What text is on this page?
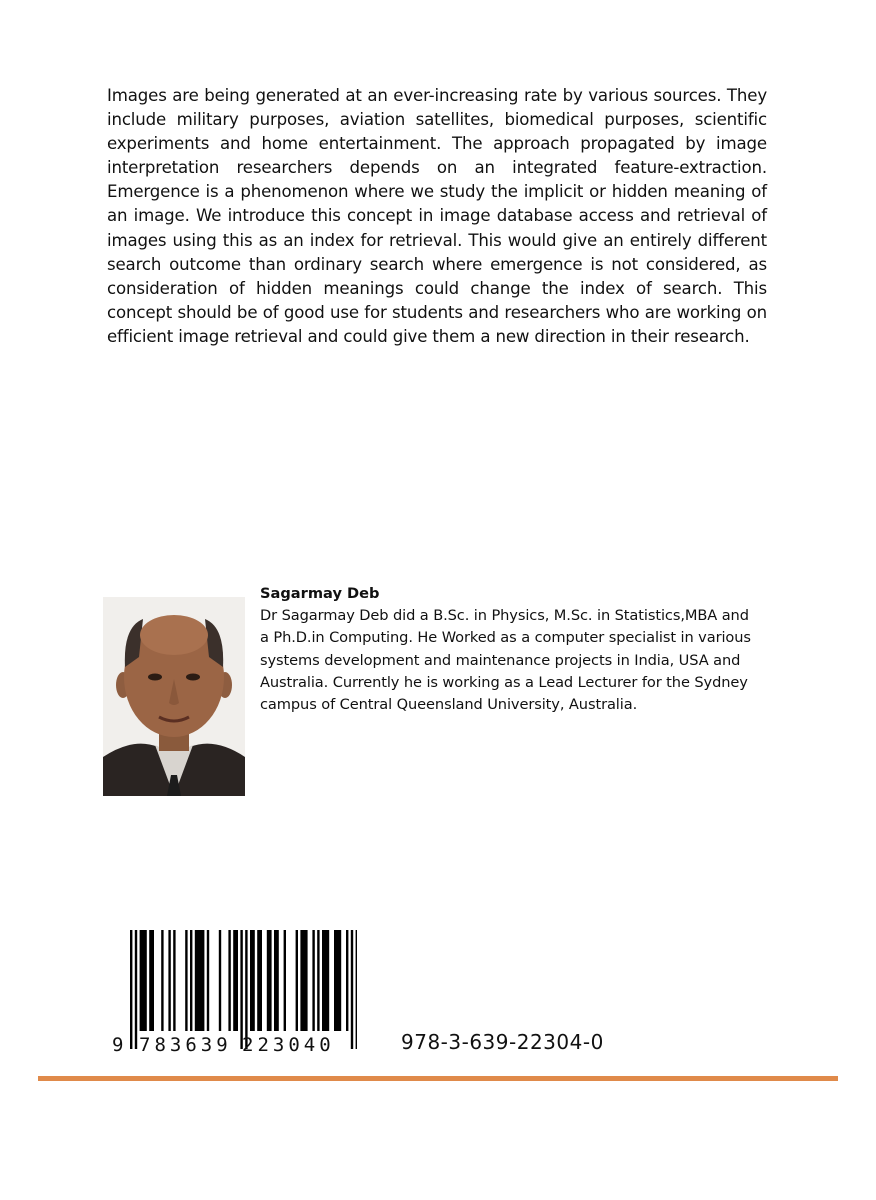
Images are being generated at an ever-increasing rate by various sources. They include military purposes, aviation satellites, biomedical purposes, scientific experiments and home entertainment. The approach propagated by image interpretation researchers depends on an integrated feature-extraction. Emergence is a phenomenon where we study the implicit or hidden meaning of an image. We introduce this concept in image database access and retrieval of images using this as an index for retrieval. This would give an entirely different search outcome than ordinary search where emergence is not considered, as consideration of hidden meanings could change the index of search. This concept should be of good use for students and researchers who are working on efficient image retrieval and could give them a new direction in their research.

Sagarmay Deb

Dr Sagarmay Deb did a B.Sc. in Physics, M.Sc. in Statistics,MBA and a Ph.D.in Computing. He Worked as a computer specialist in various systems development and maintenance projects in India, USA and Australia. Currently he is working as a Lead Lecturer for the Sydney campus of Central Queensland University, Australia.

9 783639 223040	978-3-639-22304-0
